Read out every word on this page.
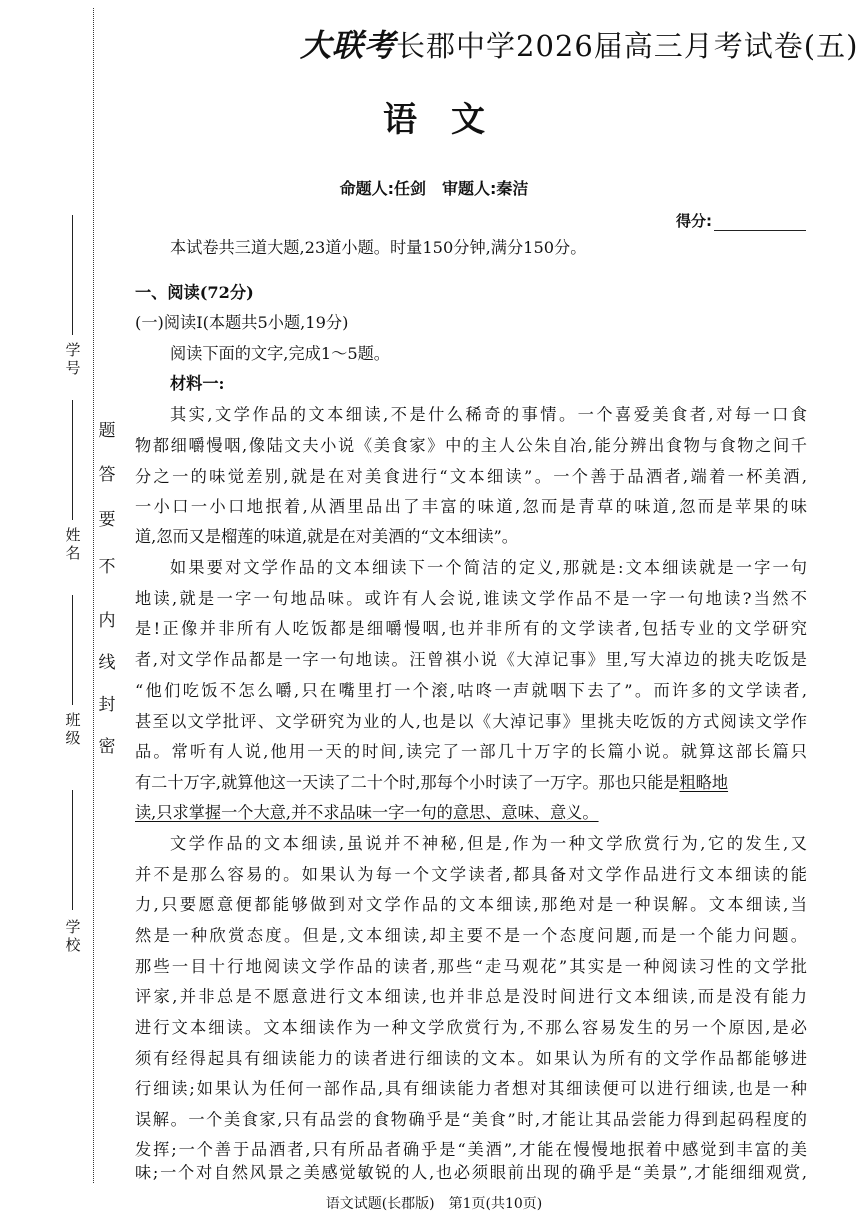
学号
姓名
班级
学校
密
封
线
内
不
要
答
题
大联考长郡中学2026届高三月考试卷(五)
语　文
命题人:任剑　审题人:秦洁
得分:
本试卷共三道大题,23道小题。时量150分钟,满分150分。
一、阅读(72分)
(一)阅读Ⅰ(本题共5小题,19分)
阅读下面的文字,完成1～5题。
材料一:
其实,文学作品的文本细读,不是什么稀奇的事情。一个喜爱美食者,对每一口食
物都细嚼慢咽,像陆文夫小说《美食家》中的主人公朱自冶,能分辨出食物与食物之间千
分之一的味觉差别,就是在对美食进行“文本细读”。一个善于品酒者,端着一杯美酒,
一小口一小口地抿着,从酒里品出了丰富的味道,忽而是青草的味道,忽而是苹果的味
道,忽而又是榴莲的味道,就是在对美酒的“文本细读”。
如果要对文学作品的文本细读下一个简洁的定义,那就是:文本细读就是一字一句
地读,就是一字一句地品味。或许有人会说,谁读文学作品不是一字一句地读?当然不
是!正像并非所有人吃饭都是细嚼慢咽,也并非所有的文学读者,包括专业的文学研究
者,对文学作品都是一字一句地读。汪曾祺小说《大淖记事》里,写大淖边的挑夫吃饭是
“他们吃饭不怎么嚼,只在嘴里打一个滚,咕咚一声就咽下去了”。而许多的文学读者,
甚至以文学批评、文学研究为业的人,也是以《大淖记事》里挑夫吃饭的方式阅读文学作
品。常听有人说,他用一天的时间,读完了一部几十万字的长篇小说。就算这部长篇只
有二十万字,就算他这一天读了二十个时,那每个小时读了一万字。那也只能是粗略地
读,只求掌握一个大意,并不求品味一字一句的意思、意味、意义。
文学作品的文本细读,虽说并不神秘,但是,作为一种文学欣赏行为,它的发生,又
并不是那么容易的。如果认为每一个文学读者,都具备对文学作品进行文本细读的能
力,只要愿意便都能够做到对文学作品的文本细读,那绝对是一种误解。文本细读,当
然是一种欣赏态度。但是,文本细读,却主要不是一个态度问题,而是一个能力问题。
那些一目十行地阅读文学作品的读者,那些“走马观花”其实是一种阅读习性的文学批
评家,并非总是不愿意进行文本细读,也并非总是没时间进行文本细读,而是没有能力
进行文本细读。文本细读作为一种文学欣赏行为,不那么容易发生的另一个原因,是必
须有经得起具有细读能力的读者进行细读的文本。如果认为所有的文学作品都能够进
行细读;如果认为任何一部作品,具有细读能力者想对其细读便可以进行细读,也是一种
误解。一个美食家,只有品尝的食物确乎是“美食”时,才能让其品尝能力得到起码程度的
发挥;一个善于品酒者,只有所品者确乎是“美酒”,才能在慢慢地抿着中感觉到丰富的美
味;一个对自然风景之美感觉敏锐的人,也必须眼前出现的确乎是“美景”,才能细细观赏,
语文试题(长郡版)　第1页(共10页)
